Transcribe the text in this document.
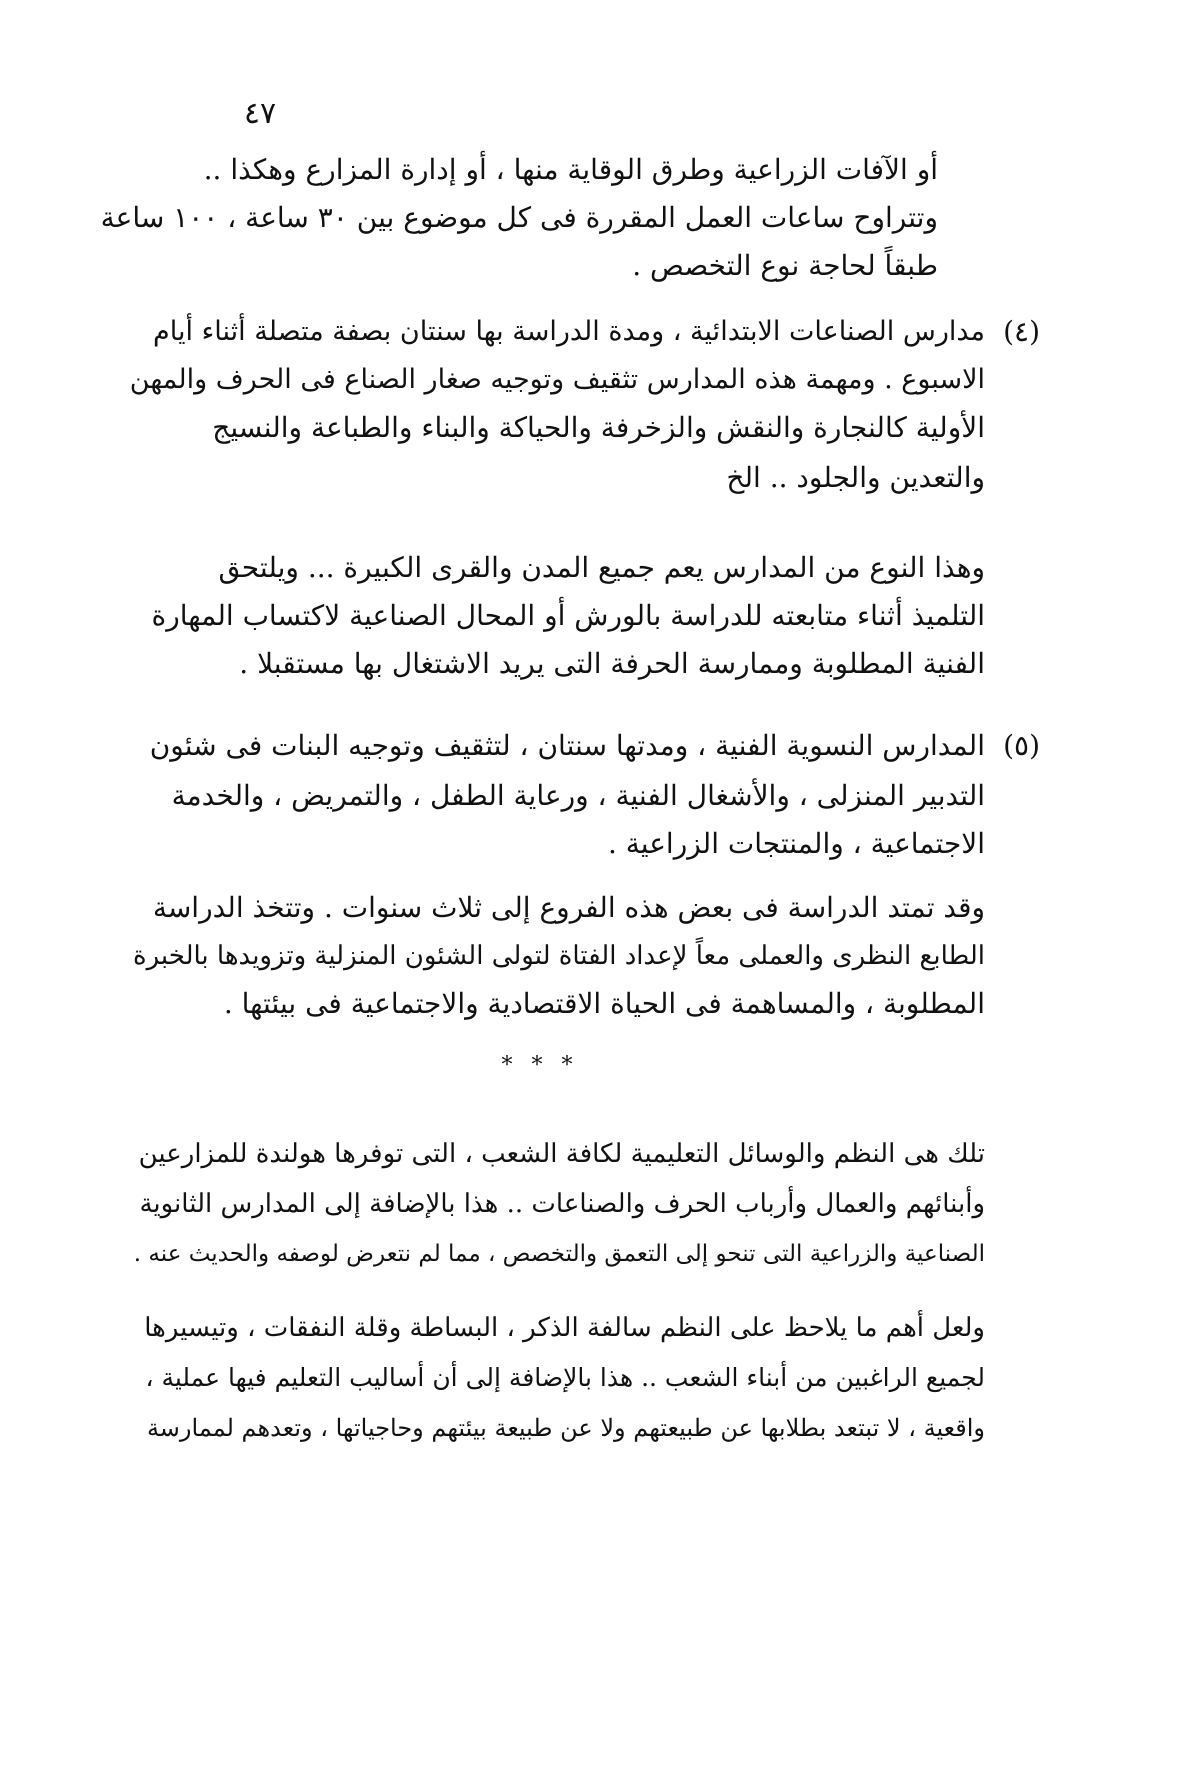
٤٧
أو الآفات الزراعية وطرق الوقاية منها ، أو إدارة المزارع وهكذا ..
وتتراوح ساعات العمل المقررة فى كل موضوع بين ٣٠ ساعة ، ١٠٠ ساعة
طبقاً لحاجة نوع التخصص .
(٤)
مدارس الصناعات الابتدائية ، ومدة الدراسة بها سنتان بصفة متصلة أثناء أيام
الاسبوع . ومهمة هذه المدارس تثقيف وتوجيه صغار الصناع فى الحرف والمهن
الأولية كالنجارة والنقش والزخرفة والحياكة والبناء والطباعة والنسيج
والتعدين والجلود .. الخ
وهذا النوع من المدارس يعم جميع المدن والقرى الكبيرة ... ويلتحق
التلميذ أثناء متابعته للدراسة بالورش أو المحال الصناعية لاكتساب المهارة
الفنية المطلوبة وممارسة الحرفة التى يريد الاشتغال بها مستقبلا .
(٥)
المدارس النسوية الفنية ، ومدتها سنتان ، لتثقيف وتوجيه البنات فى شئون
التدبير المنزلى ، والأشغال الفنية ، ورعاية الطفل ، والتمريض ، والخدمة
الاجتماعية ، والمنتجات الزراعية .
وقد تمتد الدراسة فى بعض هذه الفروع إلى ثلاث سنوات . وتتخذ الدراسة
الطابع النظرى والعملى معاً لإعداد الفتاة لتولى الشئون المنزلية وتزويدها بالخبرة
المطلوبة ، والمساهمة فى الحياة الاقتصادية والاجتماعية فى بيئتها .
* * *
تلك هى النظم والوسائل التعليمية لكافة الشعب ، التى توفرها هولندة للمزارعين
وأبنائهم والعمال وأرباب الحرف والصناعات .. هذا بالإضافة إلى المدارس الثانوية
الصناعية والزراعية التى تنحو إلى التعمق والتخصص ، مما لم نتعرض لوصفه والحديث عنه .
ولعل أهم ما يلاحظ على النظم سالفة الذكر ، البساطة وقلة النفقات ، وتيسيرها
لجميع الراغبين من أبناء الشعب .. هذا بالإضافة إلى أن أساليب التعليم فيها عملية ،
واقعية ، لا تبتعد بطلابها عن طبيعتهم ولا عن طبيعة بيئتهم وحاجياتها ، وتعدهم لممارسة
